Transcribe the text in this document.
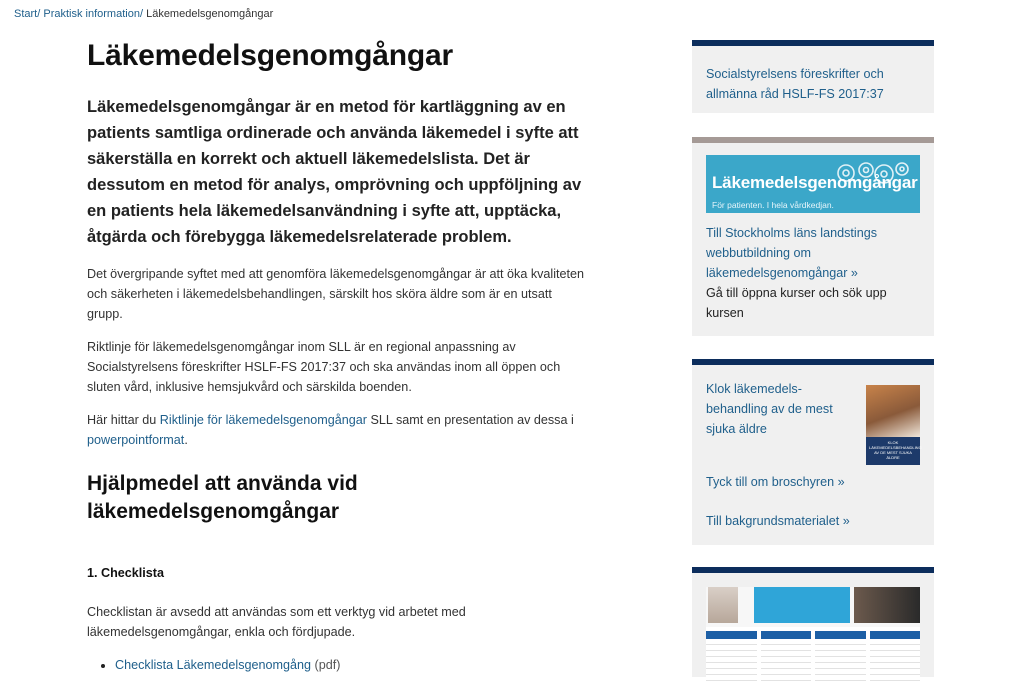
Start/ Praktisk information/ Läkemedelsgenomgångar
Läkemedelsgenomgångar

Läkemedelsgenomgångar är en metod för kartläggning av en patients samtliga ordinerade och använda läkemedel i syfte att säkerställa en korrekt och aktuell läkemedelslista. Det är dessutom en metod för analys, omprövning och uppföljning av en patients hela läkemedelsanvändning i syfte att, upptäcka, åtgärda och förebygga läkemedelsrelaterade problem.

Det övergripande syftet med att genomföra läkemedelsgenomgångar är att öka kvaliteten och säkerheten i läkemedelsbehandlingen, särskilt hos sköra äldre som är en utsatt grupp.

Riktlinje för läkemedelsgenomgångar inom SLL är en regional anpassning av Socialstyrelsens föreskrifter HSLF-FS 2017:37 och ska användas inom all öppen och sluten vård, inklusive hemsjukvård och särskilda boenden.

Här hittar du Riktlinje för läkemedelsgenomgångar SLL samt en presentation av dessa i powerpointformat.

Hjälpmedel att använda vid läkemedelsgenomgångar
1. Checklista

Checklistan är avsedd att användas som ett verktyg vid arbetet med läkemedelsgenomgångar, enkla och fördjupade.

• Checklista Läkemedelsgenomgång (pdf)
Socialstyrelsens föreskrifter och allmänna råd HSLF-FS 2017:37
Läkemedelsgenomgångar
För patienten. I hela vårdkedjan.
Till Stockholms läns landstings webbutbildning om läkemedelsgenomgångar »
Gå till öppna kurser och sök upp kursen
Klok läkemedels-behandling av de mest sjuka äldre
KLOK LÄKEMEDELSBEHANDLING AV DE MEST SJUKA ÄLDRE
Tyck till om broschyren »
Till bakgrundsmaterialet »
